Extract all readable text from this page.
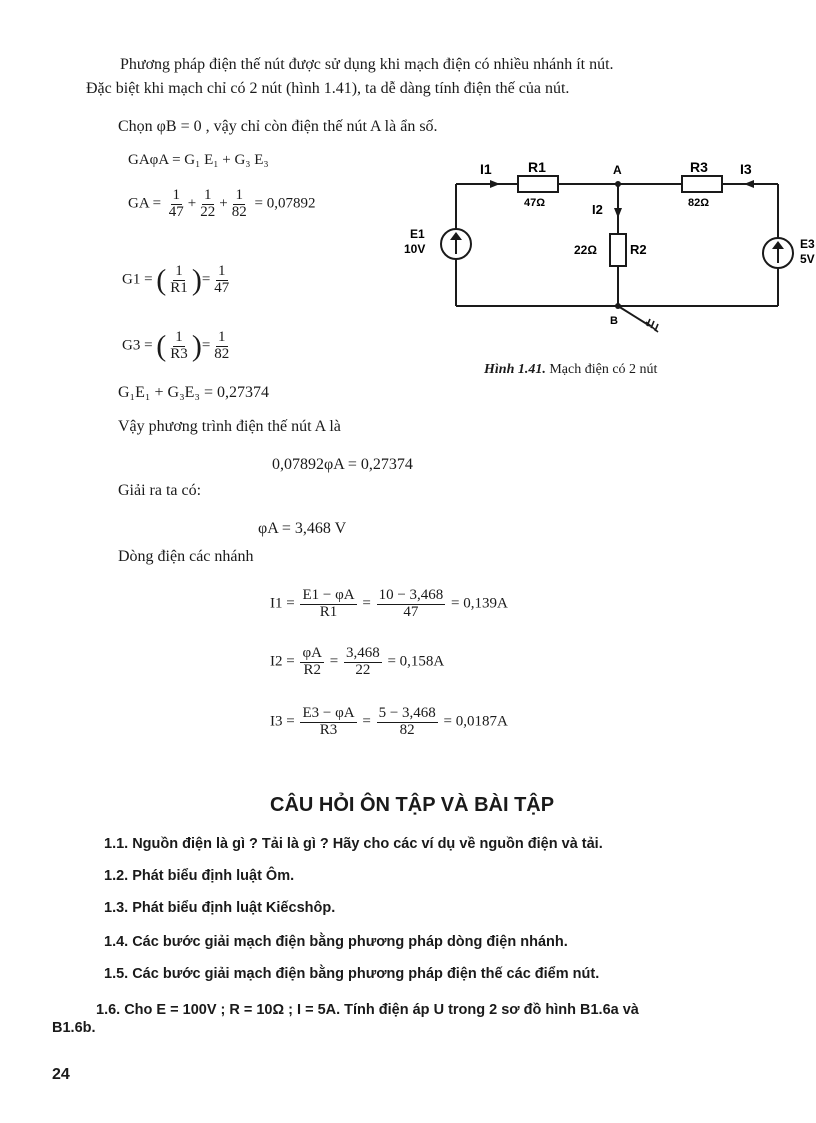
Phương pháp điện thế nút được sử dụng khi mạch điện có nhiều nhánh ít nút.
Đặc biệt khi mạch chỉ có 2 nút (hình 1.41), ta dễ dàng tính điện thế của nút.
Chọn φB = 0 , vậy chỉ còn điện thế nút A là ẩn số.
GAφA = G₁ E₁ + G₃ E₃
GA = $\frac{1}{47} + \frac{1}{22} + \frac{1}{82} = 0,07892$
G1 = ( $\frac{1}{R1}$ )= $\frac{1}{47}$
G3 = ( $\frac{1}{R3}$ )= $\frac{1}{82}$
G₁E₁ + G₃E₃ = 0,27374
I1	R1
47Ω
A	R3
82Ω
I3
I2
E1
10V	22Ω	R2	E3
5V
B
Hình 1.41. Mạch điện có 2 nút
Vậy phương trình điện thế nút A là
0,07892φA = 0,27374
Giải ra ta có:
φA = 3,468 V
Dòng điện các nhánh
$I1 = \frac{E1 - \varphi A}{R1} = \frac{10 - 3,468}{47} = 0,139A$
$I2 = \frac{\varphi A}{R2} = \frac{3,468}{22} = 0,158A$
$I3 = \frac{E3 - \varphi A}{R3} = \frac{5 - 3,468}{82} = 0,0187A$
CÂU HỎI ÔN TẬP VÀ BÀI TẬP
1.1. Nguồn điện là gì ? Tải là gì ? Hãy cho các ví dụ về nguồn điện và tải.
1.2. Phát biểu định luật Ôm.
1.3. Phát biểu định luật Kiếcshôp.
1.4. Các bước giải mạch điện bằng phương pháp dòng điện nhánh.
1.5. Các bước giải mạch điện bằng phương pháp điện thế các điểm nút.
1.6. Cho E = 100V ; R = 10Ω ; I = 5A. Tính điện áp U trong 2 sơ đồ hình B1.6a và
B1.6b.
24
